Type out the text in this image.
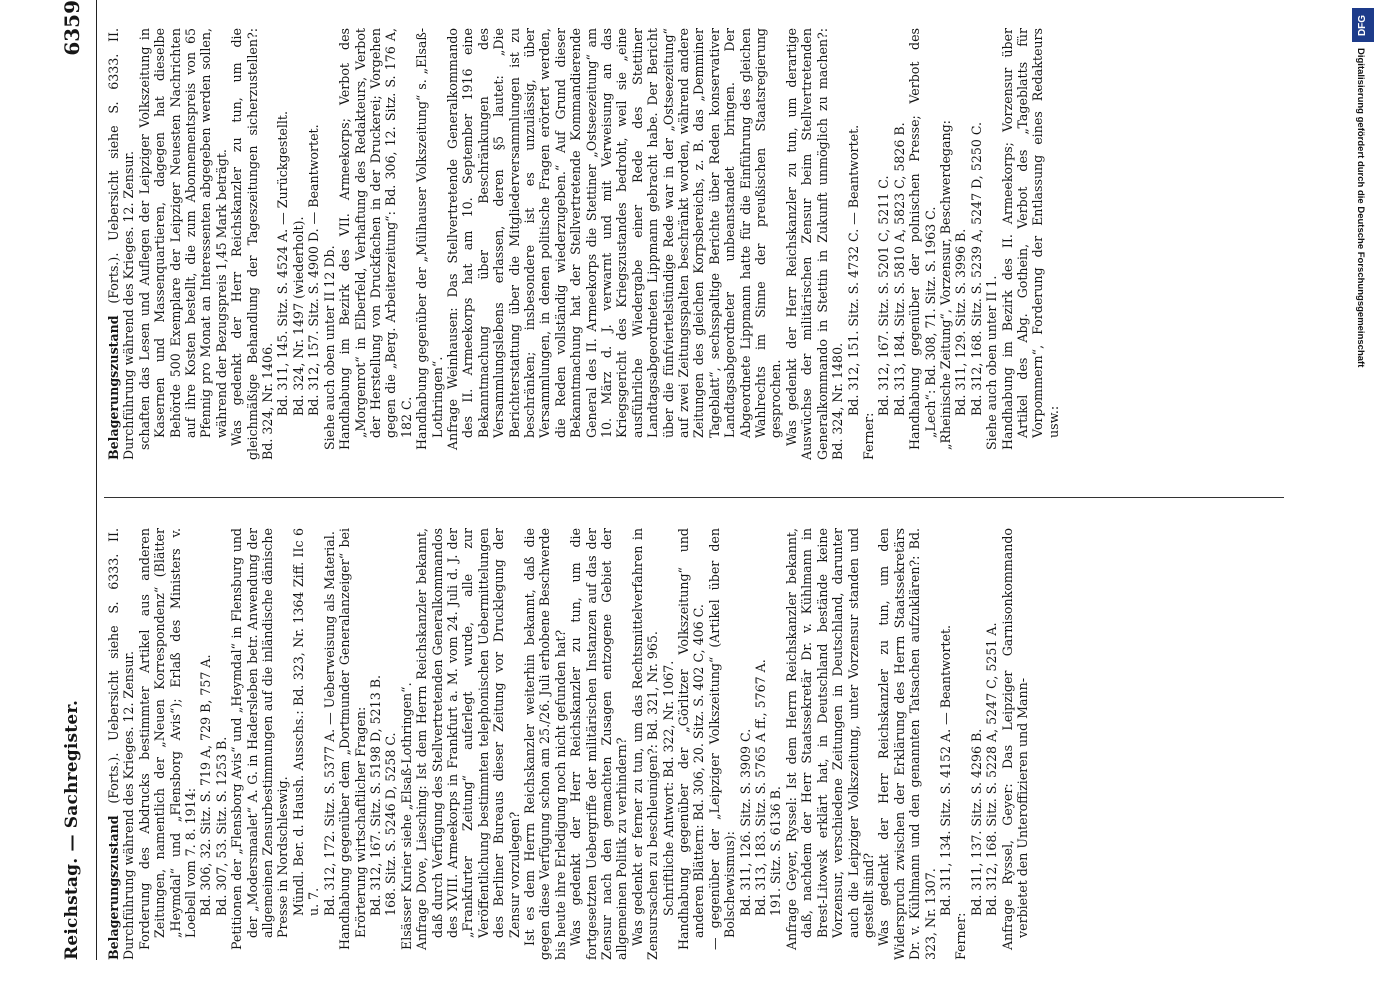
Reichstag. — Sachregister.
6359

Belagerungszustand (Forts.). Uebersicht siehe S. 6333. II. Durchführung während des Krieges. 12. Zensur. Forderung des Abdrucks bestimmter Artikel aus anderen Zeitungen, namentlich der „Neuen Korrespondenz“ (Blätter „Heymdal“ und „Flensborg Avis“); Erlaß des Ministers v. Loebell vom 7. 8. 1914: Bd. 306, 32. Sitz. S. 719 A, 729 B, 757 A. Bd. 307, 53. Sitz. S. 1253 B. Petitionen der „Flensborg Avis“ und „Heymdal“ in Flensburg und der „Modersmaalet“ A. G. in Hadersleben betr. Anwendung der allgemeinen Zensurbestimmungen auf die inländische dänische Presse in Nordschleswig. Mündl. Ber. d. Haush. Ausschs.: Bd. 323, Nr. 1364 Ziff. IIc 6 u. 7. Bd. 312, 172. Sitz. S. 5377 A. — Ueberweisung als Material. Handhabung gegenüber dem „Dortmunder Generalanzeiger“ bei Erörterung wirtschaftlicher Fragen: Bd. 312, 167. Sitz. S. 5198 D, 5213 B. 168. Sitz. S. 5246 D, 5258 C. Elsässer Kurier siehe „Elsaß-Lothringen“. Anfrage Dove, Liesching: Ist dem Herrn Reichskanzler bekannt, daß durch Verfügung des Stellvertretenden Generalkommandos des XVIII. Armeekorps in Frankfurt a. M. vom 24. Juli d. J. der „Frankfurter Zeitung“ auferlegt wurde, alle zur Veröffentlichung bestimmten telephonischen Uebermittelungen des Berliner Bureaus dieser Zeitung vor Drucklegung der Zensur vorzulegen? Ist es dem Herrn Reichskanzler weiterhin bekannt, daß die gegen diese Verfügung schon am 25./26. Juli erhobene Beschwerde bis heute ihre Erledigung noch nicht gefunden hat? Was gedenkt der Herr Reichskanzler zu tun, um die fortgesetzten Uebergriffe der militärischen Instanzen auf das der Zensur nach den gemachten Zusagen entzogene Gebiet der allgemeinen Politik zu verhindern? Was gedenkt er ferner zu tun, um das Rechtsmittelverfahren in Zensursachen zu beschleunigen?: Bd. 321, Nr. 965. Schriftliche Antwort: Bd. 322, Nr. 1067. Handhabung gegenüber der „Görlitzer Volkszeitung“ und anderen Blättern: Bd. 306, 20. Sitz. S. 402 C, 406 C. — gegenüber der „Leipziger Volkszeitung“ (Artikel über den Bolschewismus): Bd. 311, 126. Sitz. S. 3909 C. Bd. 313, 183. Sitz. S. 5765 A ff., 5767 A. 191. Sitz. S. 6136 B. Anfrage Geyer, Ryssel: Ist dem Herrn Reichskanzler bekannt, daß, nachdem der Herr Staatssekretär Dr. v. Kühlmann in Brest-Litowsk erklärt hat, in Deutschland bestände keine Vorzensur, verschiedene Zeitungen in Deutschland, darunter auch die Leipziger Volkszeitung, unter Vorzensur standen und gestellt sind? Was gedenkt der Herr Reichskanzler zu tun, um den Widerspruch zwischen der Erklärung des Herrn Staatssekretärs Dr. v. Kühlmann und den genannten Tatsachen aufzuklären?: Bd. 323, Nr. 1307. Bd. 311, 134. Sitz. S. 4152 A. — Beantwortet.

Ferner:

Bd. 311, 137. Sitz. S. 4296 B. Bd. 312, 168. Sitz. S. 5228 A, 5247 C, 5251 A. Anfrage Ryssel, Geyer: Das Leipziger Garnisonkommando verbietet den Unteroffizieren und Mann-

Belagerungszustand (Forts.). Uebersicht siehe S. 6333. II. Durchführung während des Krieges. 12. Zensur. schaften das Lesen und Auflegen der Leipziger Volkszeitung in Kasernen und Massenquartieren, dagegen hat dieselbe Behörde 500 Exemplare der Leipziger Neuesten Nachrichten auf ihre Kosten bestellt, die zum Abonnementspreis von 65 Pfennig pro Monat an Interessenten abgegeben werden sollen, während der Bezugspreis 1,45 Mark beträgt. Was gedenkt der Herr Reichskanzler zu tun, um die gleichmäßige Behandlung der Tageszeitungen sicherzustellen?: Bd. 324, Nr. 1406. Bd. 311, 145. Sitz. S. 4524 A. — Zurückgestellt. Bd. 324, Nr. 1497 (wiederholt). Bd. 312, 157. Sitz. S. 4900 D. — Beantwortet. Siehe auch oben unter II 12 Db. Handhabung im Bezirk des VII. Armeekorps; Verbot des „Morgenrot“ in Elberfeld, Verhaftung des Redakteurs, Verbot der Herstellung von Druckfachen in der Druckerei; Vorgehen gegen die „Berg. Arbeiterzeitung“: Bd. 306, 12. Sitz. S. 176 A, 182 C. Handhabung gegenüber der „Mülhauser Volkszeitung“ s. „Elsaß-Lothringen“. Anfrage Weinhausen: Das Stellvertretende Generalkommando des II. Armeekorps hat am 10. September 1916 eine Bekanntmachung über Beschränkungen des Versammlungslebens erlassen, deren §5 lautet: „Die Berichterstattung über die Mitgliederversammlungen ist zu beschränken; insbesondere ist es unzulässig, über Versammlungen, in denen politische Fragen erörtert werden, die Reden vollständig wiederzugeben.“ Auf Grund dieser Bekanntmachung hat der Stellvertretende Kommandierende General des II. Armeekorps die Stettiner „Ostseezeitung“ am 10. März d. J. verwarnt und mit Verweisung an das Kriegsgericht des Kriegszustandes bedroht, weil sie „eine ausführliche Wiedergabe einer Rede des Stettiner Landtagsabgeordneten Lippmann gebracht habe. Der Bericht über die fünfviertelstündige Rede war in der „Ostseezeitung“ auf zwei Zeitungsspalten beschränkt worden, während andere Zeitungen des gleichen Korpsbereichs, z. B. das „Demminer Tageblatt“, sechsspaltige Berichte über Reden konservativer Landtagsabgeordneter unbeanstandet bringen. Der Abgeordnete Lippmann hatte für die Einführung des gleichen Wahlrechts im Sinne der preußischen Staatsregierung gesprochen. Was gedenkt der Herr Reichskanzler zu tun, um derartige Auswüchse der militärischen Zensur beim Stellvertretenden Generalkommando in Stettin in Zukunft unmöglich zu machen?: Bd. 324, Nr. 1480. Bd. 312, 151. Sitz. S. 4732 C. — Beantwortet.

Ferner:

Bd. 312, 167. Sitz. S. 5201 C, 5211 C. Bd. 313, 184. Sitz. S. 5810 A, 5823 C, 5826 B. Handhabung gegenüber der polnischen Presse; Verbot des „Lech“: Bd. 308, 71. Sitz. S. 1963 C. „Rheinische Zeitung“, Vorzensur, Beschwerdegang: Bd. 311, 129. Sitz. S. 3996 B. Bd. 312, 168. Sitz. S. 5239 A, 5247 D, 5250 C. Siehe auch oben unter II 1. Handhabung im Bezirk des II. Armeekorps; Vorzensur über Artikel des Abg. Gothein, Verbot des „Tageblatts für Vorpommern“, Forderung der Entlassung eines Redakteurs usw.:

DFG
Digitalisierung gefördert durch die Deutsche Forschungsgemeinschaft
